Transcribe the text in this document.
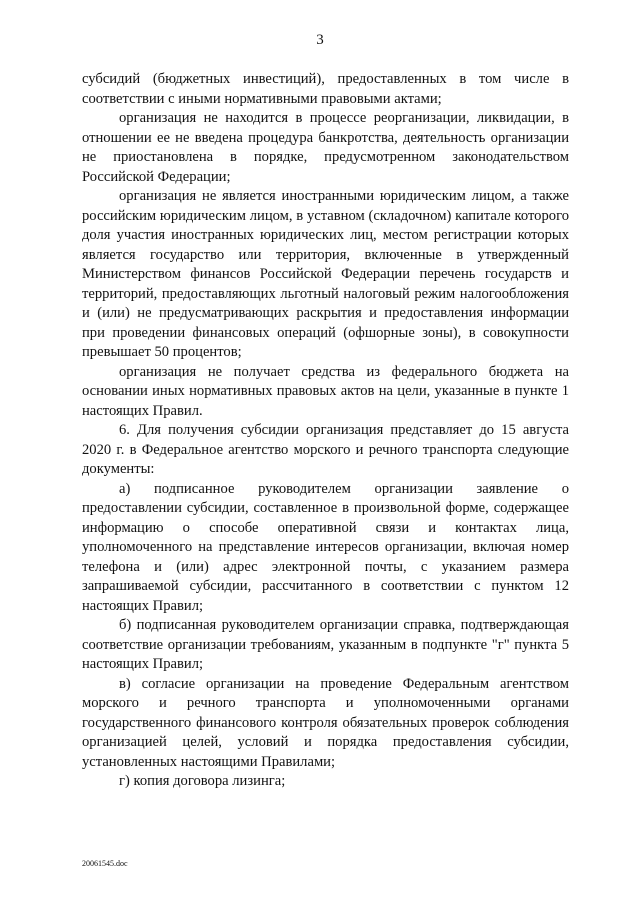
3

субсидий (бюджетных инвестиций), предоставленных в том числе в соответствии с иными нормативными правовыми актами;

организация не находится в процессе реорганизации, ликвидации, в отношении ее не введена процедура банкротства, деятельность организации не приостановлена в порядке, предусмотренном законодательством Российской Федерации;

организация не является иностранными юридическим лицом, а также российским юридическим лицом, в уставном (складочном) капитале которого доля участия иностранных юридических лиц, местом регистрации которых является государство или территория, включенные в утвержденный Министерством финансов Российской Федерации перечень государств и территорий, предоставляющих льготный налоговый режим налогообложения и (или) не предусматривающих раскрытия и предоставления информации при проведении финансовых операций (офшорные зоны), в совокупности превышает 50 процентов;

организация не получает средства из федерального бюджета на основании иных нормативных правовых актов на цели, указанные в пункте 1 настоящих Правил.

6. Для получения субсидии организация представляет до 15 августа 2020 г. в Федеральное агентство морского и речного транспорта следующие документы:

а) подписанное руководителем организации заявление о предоставлении субсидии, составленное в произвольной форме, содержащее информацию о способе оперативной связи и контактах лица, уполномоченного на представление интересов организации, включая номер телефона и (или) адрес электронной почты, с указанием размера запрашиваемой субсидии, рассчитанного в соответствии с пунктом 12 настоящих Правил;

б) подписанная руководителем организации справка, подтверждающая соответствие организации требованиям, указанным в подпункте "г" пункта 5 настоящих Правил;

в) согласие организации на проведение Федеральным агентством морского и речного транспорта и уполномоченными органами государственного финансового контроля обязательных проверок соблюдения организацией целей, условий и порядка предоставления субсидии, установленных настоящими Правилами;

г) копия договора лизинга;

20061545.doc
